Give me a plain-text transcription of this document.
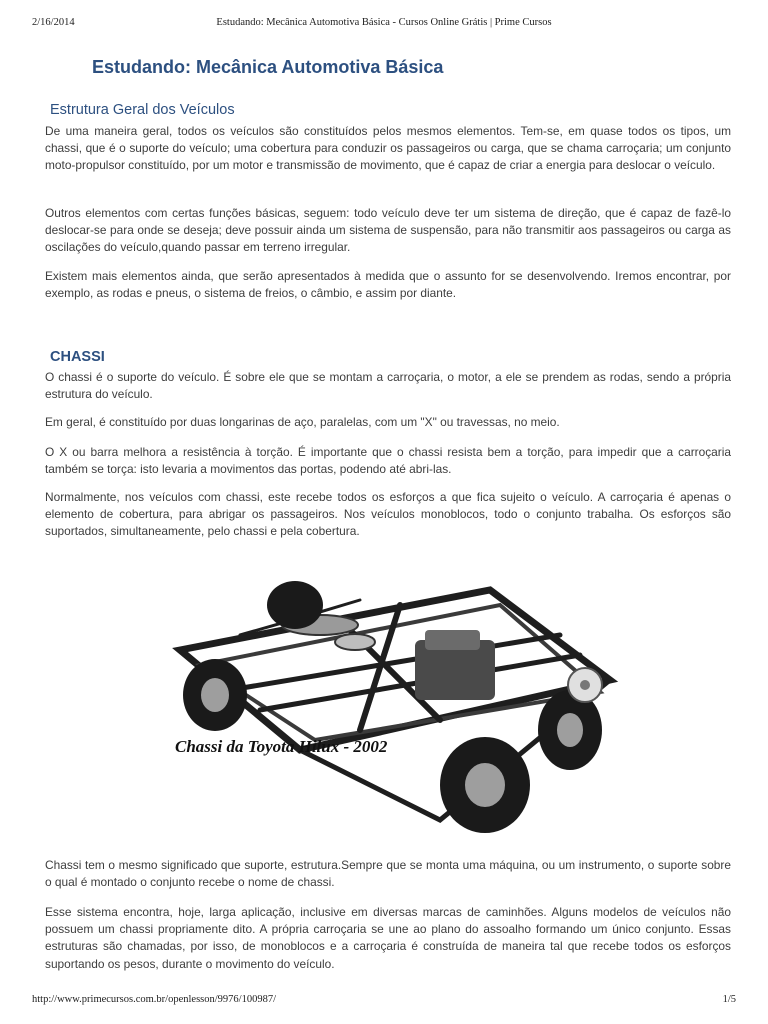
2/16/2014	Estudando: Mecânica Automotiva Básica - Cursos Online Grátis | Prime Cursos
Estudando: Mecânica Automotiva Básica
Estrutura Geral dos Veículos

De uma maneira geral, todos os veículos são constituídos pelos mesmos elementos. Tem-se, em quase todos os tipos, um chassi, que é o suporte do veículo; uma cobertura para conduzir os passageiros ou carga, que se chama carroçaria; um conjunto moto-propulsor constituído, por um motor e transmissão de movimento, que é capaz de criar a energia para deslocar o veículo.

Outros elementos com certas funções básicas, seguem: todo veículo deve ter um sistema de direção, que é capaz de fazê-lo deslocar-se para onde se deseja; deve possuir ainda um sistema de suspensão, para não transmitir aos passageiros ou carga as oscilações do veículo,quando passar em terreno irregular.

Existem mais elementos ainda, que serão apresentados à medida que o assunto for se desenvolvendo. Iremos encontrar, por exemplo, as rodas e pneus, o sistema de freios, o câmbio, e assim por diante.

CHASSI

O chassi é o suporte do veículo. É sobre ele que se montam a carroçaria, o motor, a ele se prendem as rodas, sendo a própria estrutura do veículo.

Em geral, é constituído por duas longarinas de aço, paralelas, com um "X" ou travessas, no meio.

O X ou barra melhora a resistência à torção. É importante que o chassi resista bem a torção, para impedir que a carroçaria também se torça: isto levaria a movimentos das portas, podendo até abri-las.

Normalmente, nos veículos com chassi, este recebe todos os esforços a que fica sujeito o veículo. A carroçaria é apenas o elemento de cobertura, para abrigar os passageiros. Nos veículos monoblocos, todo o conjunto trabalha. Os esforços são suportados, simultaneamente, pelo chassi e pela cobertura.

Chassi da Toyota Hilux - 2002

Chassi tem o mesmo significado que suporte, estrutura.Sempre que se monta uma máquina, ou um instrumento, o suporte sobre o qual é montado o conjunto recebe o nome de chassi.

Esse sistema encontra, hoje, larga aplicação, inclusive em diversas marcas de caminhões. Alguns modelos de veículos não possuem um chassi propriamente dito. A própria carroçaria se une ao plano do assoalho formando um único conjunto. Essas estruturas são chamadas, por isso, de monoblocos e a carroçaria é construída de maneira tal que recebe todos os esforços suportando os pesos, durante o movimento do veículo.

http://www.primecursos.com.br/openlesson/9976/100987/	1/5
